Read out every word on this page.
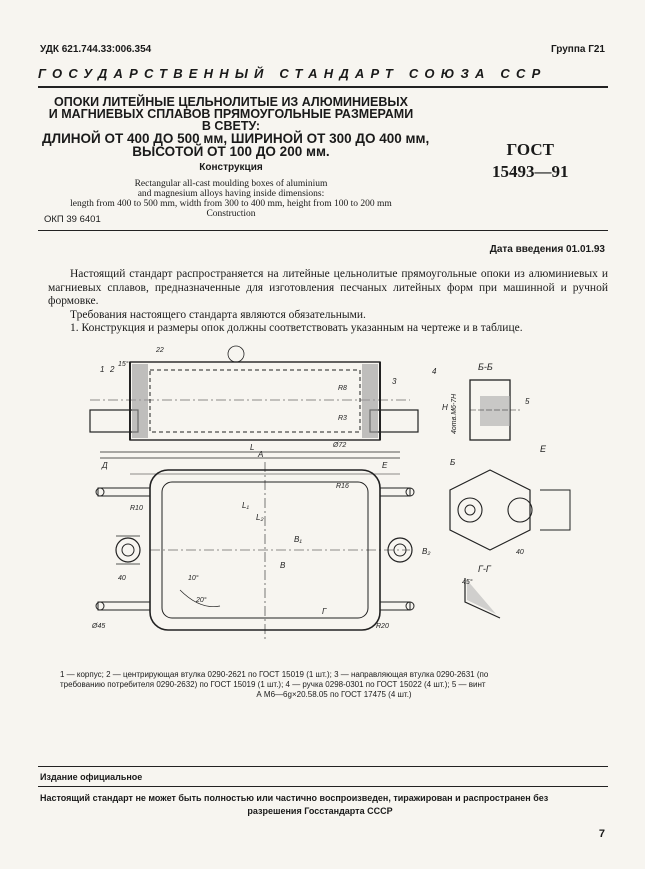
УДК 621.744.33:006.354	Группа Г21
ГОСУДАРСТВЕННЫЙ СТАНДАРТ СОЮЗА ССР
ОПОКИ ЛИТЕЙНЫЕ ЦЕЛЬНОЛИТЫЕ ИЗ АЛЮМИНИЕВЫХ
И МАГНИЕВЫХ СПЛАВОВ ПРЯМОУГОЛЬНЫЕ РАЗМЕРАМИ
В СВЕТУ:
ДЛИНОЙ ОТ 400 ДО 500 мм, ШИРИНОЙ ОТ 300 ДО 400 мм,
ВЫСОТОЙ ОТ 100 ДО 200 мм.
Конструкция
Rectangular all-cast moulding boxes of aluminium
and magnesium alloys having inside dimensions:
length from 400 to 500 mm, width from 300 to 400 mm, height from 100 to 200 mm
Construction
ГОСТ
15493—91
ОКП 39 6401
Дата введения 01.01.93

Настоящий стандарт распространяется на литейные цельнолитые прямоугольные опоки из алюминиевых и магниевых сплавов, предназначенные для изготовления песчаных литейных форм при машинной и ручной формовке.

Требования настоящего стандарта являются обязательными.

1. Конструкция и размеры опок должны соответствовать указанным на чертеже и в таблице.

1 2
3
4
5
22
15°
R8
R3
Ø72
L
A
Д	Е
R16
R10	L₁
L₂
B
B₁
B₂
H
10°
20°
40
Ø45	R20
Г
Б-Б
Е
Б
Г-Г
45°
40
4отв.М6-7Н
1 — корпус; 2 — центрирующая втулка 0290-2621 по ГОСТ 15019 (1 шт.); 3 — направляющая втулка 0290-2631 (по
требованию потребителя 0290-2632) по ГОСТ 15019 (1 шт.); 4 — ручка 0298-0301 по ГОСТ 15022 (4 шт.); 5 — винт
А М6—6g×20.58.05 по ГОСТ 17475 (4 шт.)
Издание официальное
Настоящий стандарт не может быть полностью или частично воспроизведен, тиражирован и распространен без
разрешения Госстандарта СССР
7
